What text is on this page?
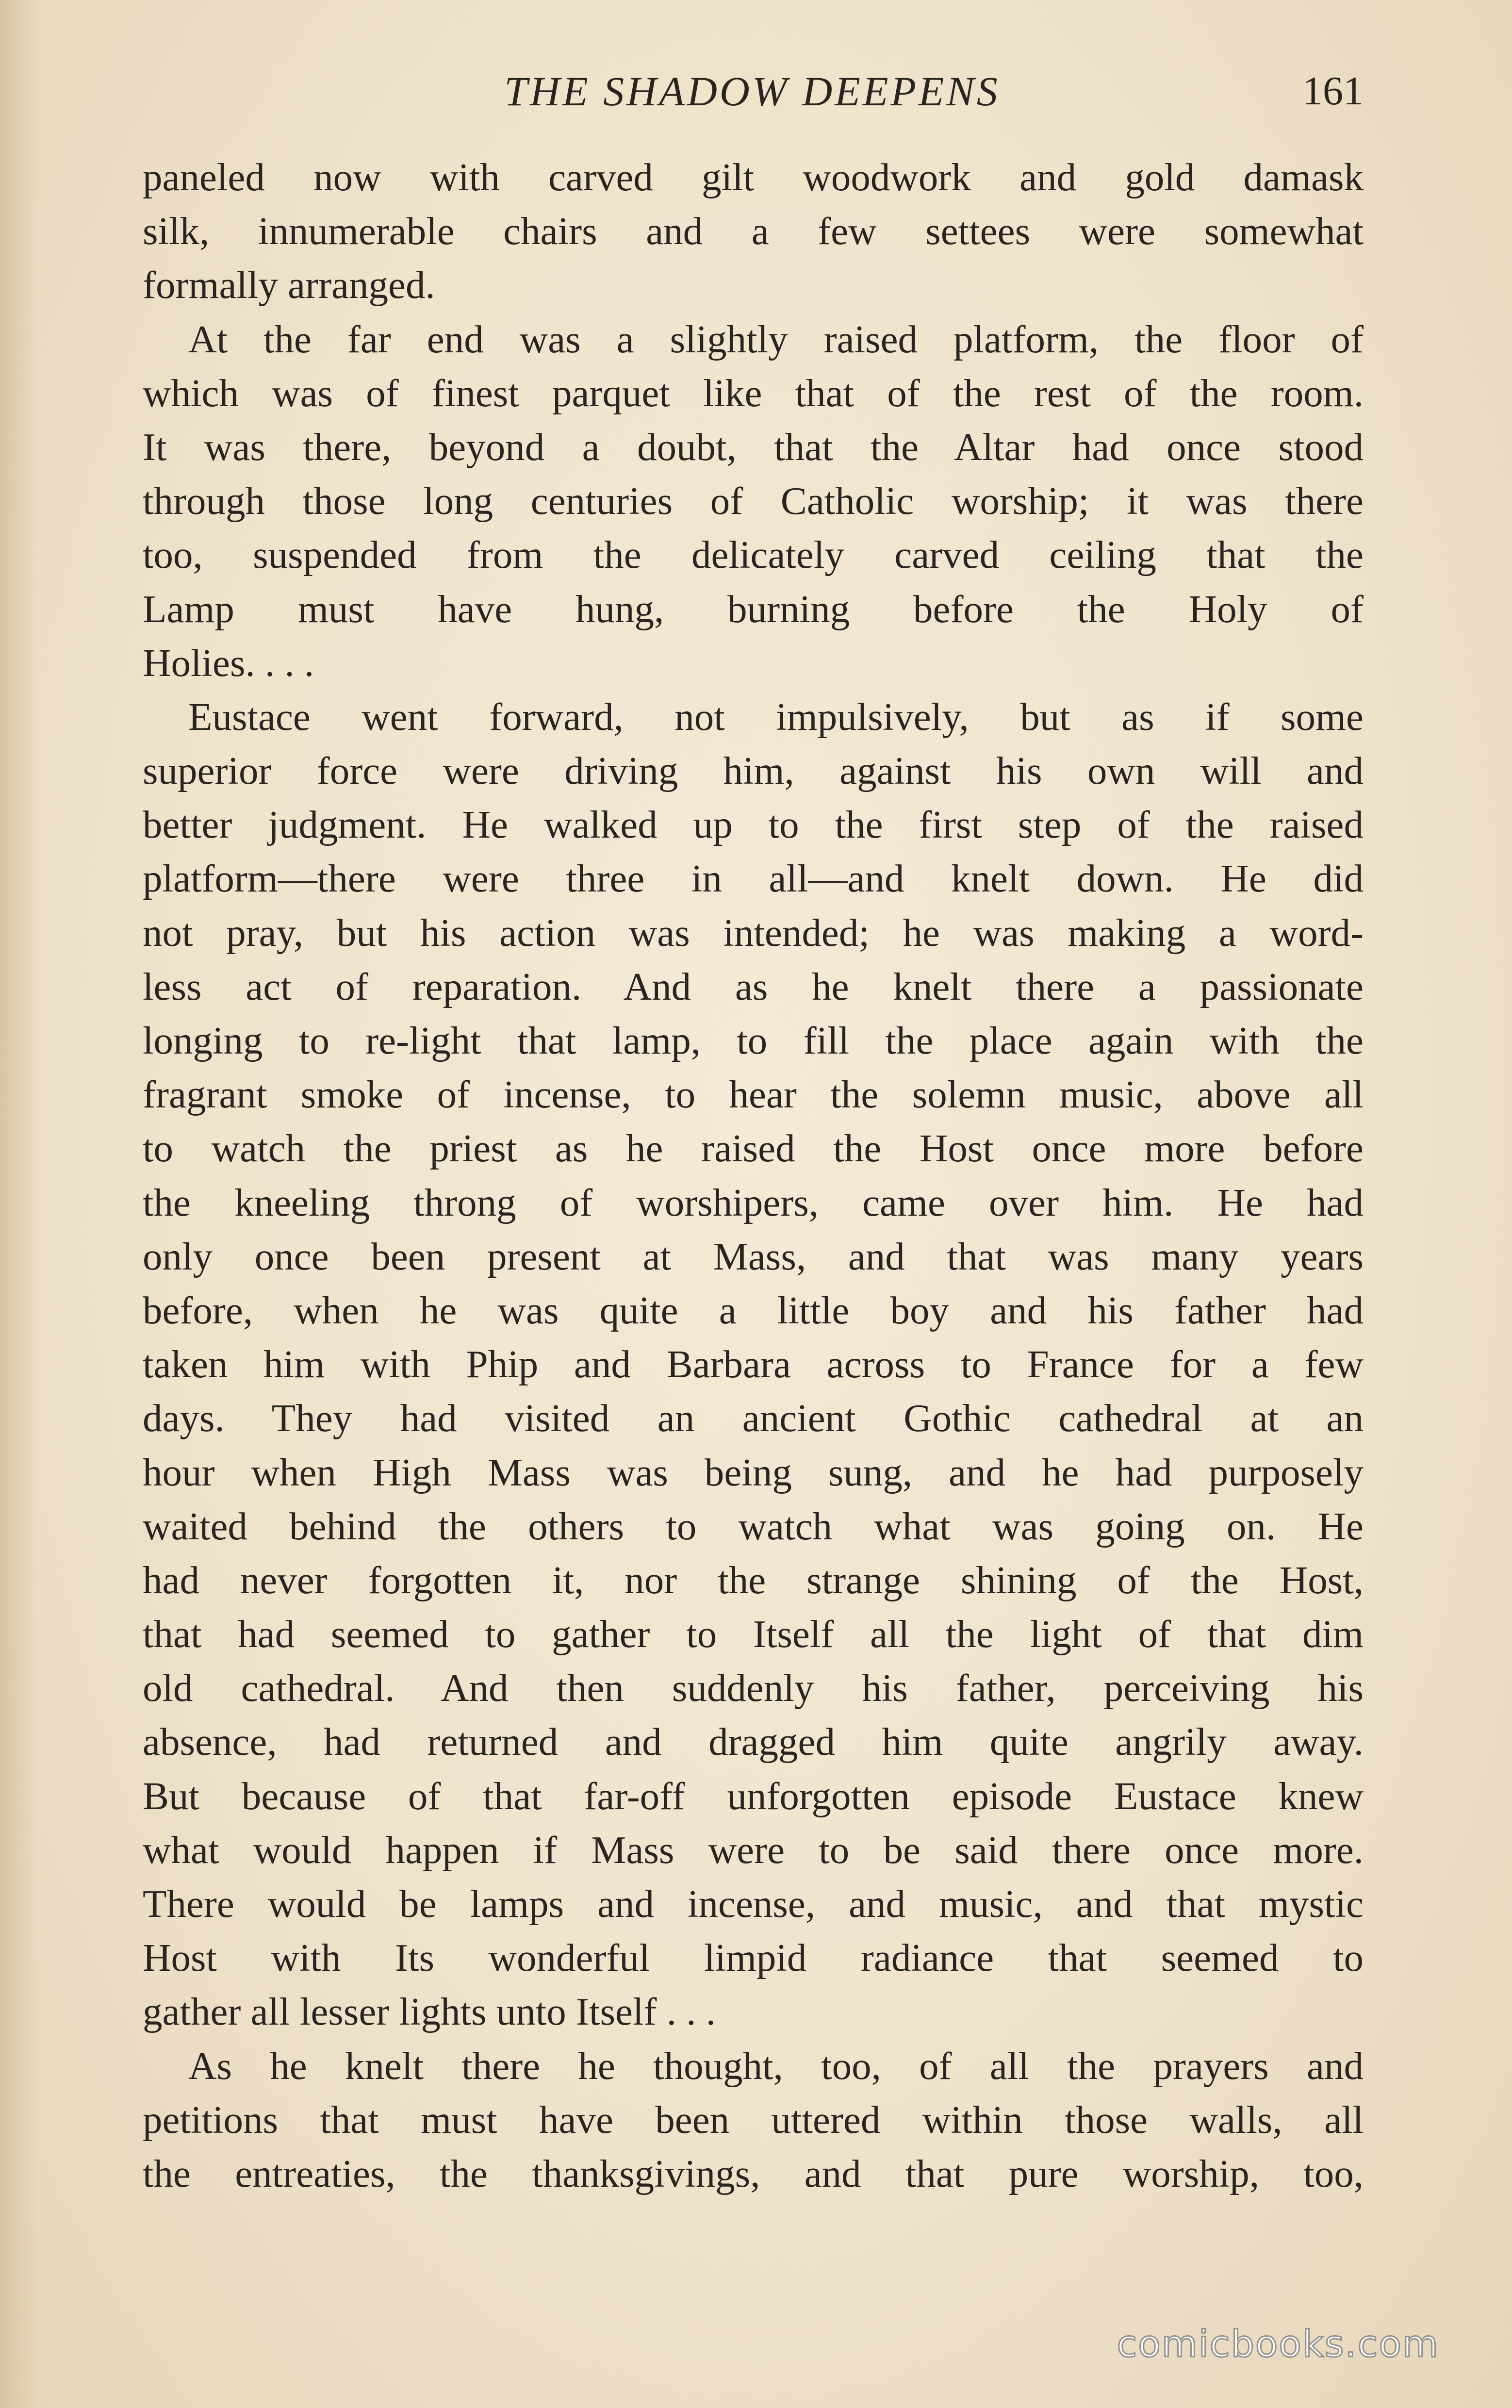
THE SHADOW DEEPENS	161
paneled now with carved gilt woodwork and gold damask
silk, innumerable chairs and a few settees were somewhat
formally arranged.
At the far end was a slightly raised platform, the floor of
which was of finest parquet like that of the rest of the room.
It was there, beyond a doubt, that the Altar had once stood
through those long centuries of Catholic worship; it was there
too, suspended from the delicately carved ceiling that the
Lamp must have hung, burning before the Holy of
Holies. . . .
Eustace went forward, not impulsively, but as if some
superior force were driving him, against his own will and
better judgment. He walked up to the first step of the raised
platform—there were three in all—and knelt down. He did
not pray, but his action was intended; he was making a word-
less act of reparation. And as he knelt there a passionate
longing to re-light that lamp, to fill the place again with the
fragrant smoke of incense, to hear the solemn music, above all
to watch the priest as he raised the Host once more before
the kneeling throng of worshipers, came over him. He had
only once been present at Mass, and that was many years
before, when he was quite a little boy and his father had
taken him with Phip and Barbara across to France for a few
days. They had visited an ancient Gothic cathedral at an
hour when High Mass was being sung, and he had purposely
waited behind the others to watch what was going on. He
had never forgotten it, nor the strange shining of the Host,
that had seemed to gather to Itself all the light of that dim
old cathedral. And then suddenly his father, perceiving his
absence, had returned and dragged him quite angrily away.
But because of that far-off unforgotten episode Eustace knew
what would happen if Mass were to be said there once more.
There would be lamps and incense, and music, and that mystic
Host with Its wonderful limpid radiance that seemed to
gather all lesser lights unto Itself . . .
As he knelt there he thought, too, of all the prayers and
petitions that must have been uttered within those walls, all
the entreaties, the thanksgivings, and that pure worship, too,
comicbooks.com
